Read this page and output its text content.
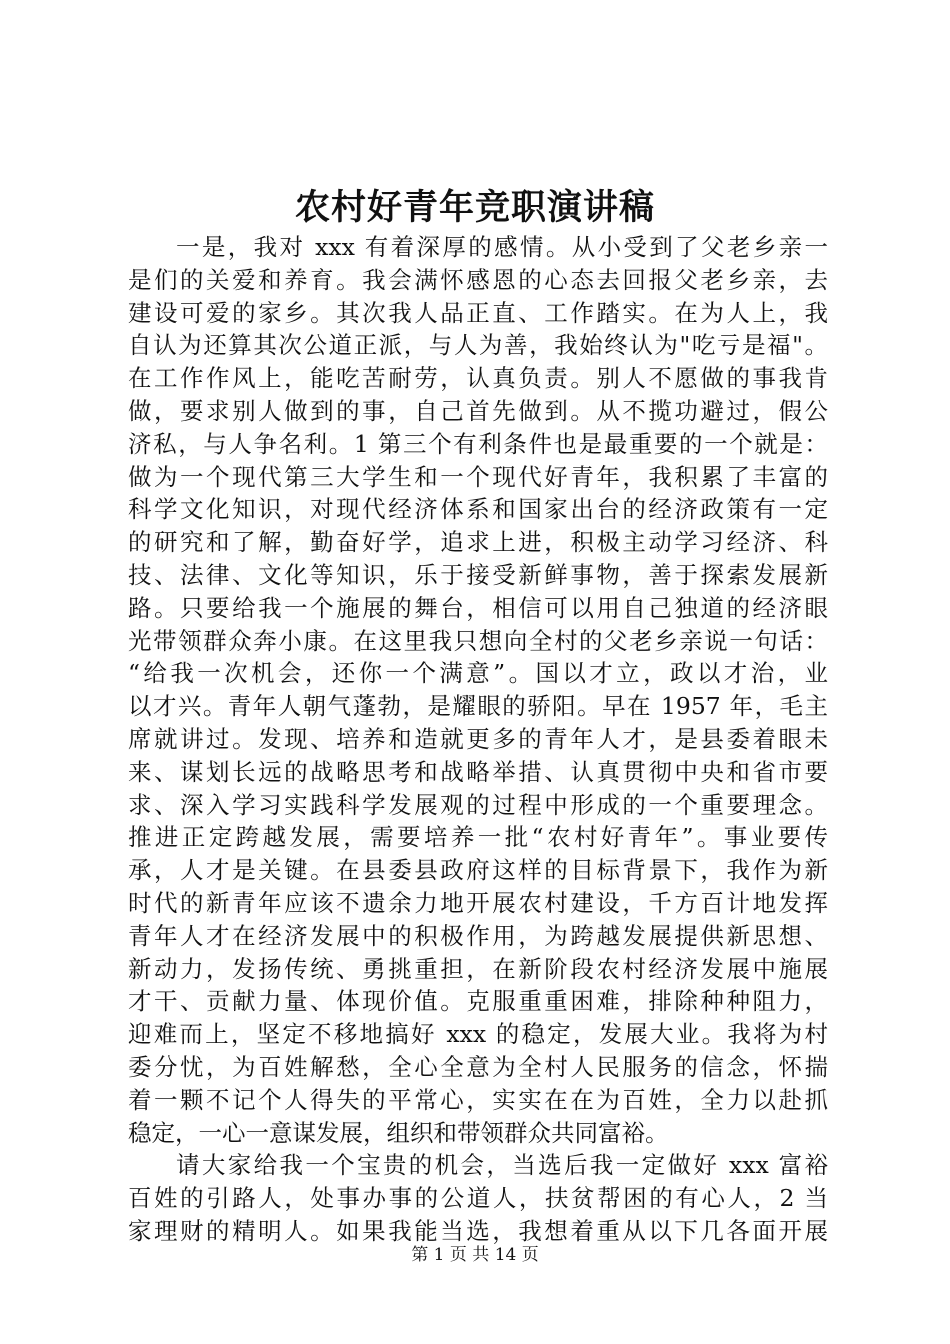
农村好青年竞职演讲稿
一是，我对 xxx 有着深厚的感情。从小受到了父老乡亲一
是们的关爱和养育。我会满怀感恩的心态去回报父老乡亲，去
建设可爱的家乡。其次我人品正直、工作踏实。在为人上，我
自认为还算其次公道正派，与人为善，我始终认为"吃亏是福"。
在工作作风上，能吃苦耐劳，认真负责。别人不愿做的事我肯
做，要求别人做到的事，自己首先做到。从不揽功避过，假公
济私，与人争名利。1 第三个有利条件也是最重要的一个就是：
做为一个现代第三大学生和一个现代好青年，我积累了丰富的
科学文化知识，对现代经济体系和国家出台的经济政策有一定
的研究和了解，勤奋好学，追求上进，积极主动学习经济、科
技、法律、文化等知识，乐于接受新鲜事物，善于探索发展新
路。只要给我一个施展的舞台，相信可以用自己独道的经济眼
光带领群众奔小康。在这里我只想向全村的父老乡亲说一句话：
“给我一次机会，还你一个满意”。国以才立，政以才治，业
以才兴。青年人朝气蓬勃，是耀眼的骄阳。早在 1957 年，毛主
席就讲过。发现、培养和造就更多的青年人才，是县委着眼未
来、谋划长远的战略思考和战略举措、认真贯彻中央和省市要
求、深入学习实践科学发展观的过程中形成的一个重要理念。
推进正定跨越发展，需要培养一批“农村好青年”。事业要传
承，人才是关键。在县委县政府这样的目标背景下，我作为新
时代的新青年应该不遗余力地开展农村建设，千方百计地发挥
青年人才在经济发展中的积极作用，为跨越发展提供新思想、
新动力，发扬传统、勇挑重担，在新阶段农村经济发展中施展
才干、贡献力量、体现价值。克服重重困难，排除种种阻力，
迎难而上，坚定不移地搞好 xxx 的稳定，发展大业。我将为村
委分忧，为百姓解愁，全心全意为全村人民服务的信念，怀揣
着一颗不记个人得失的平常心，实实在在为百姓，全力以赴抓
稳定，一心一意谋发展，组织和带领群众共同富裕。
请大家给我一个宝贵的机会，当选后我一定做好 xxx 富裕
百姓的引路人，处事办事的公道人，扶贫帮困的有心人，2 当
家理财的精明人。如果我能当选，我想着重从以下几各面开展
第 1 页 共 14 页
